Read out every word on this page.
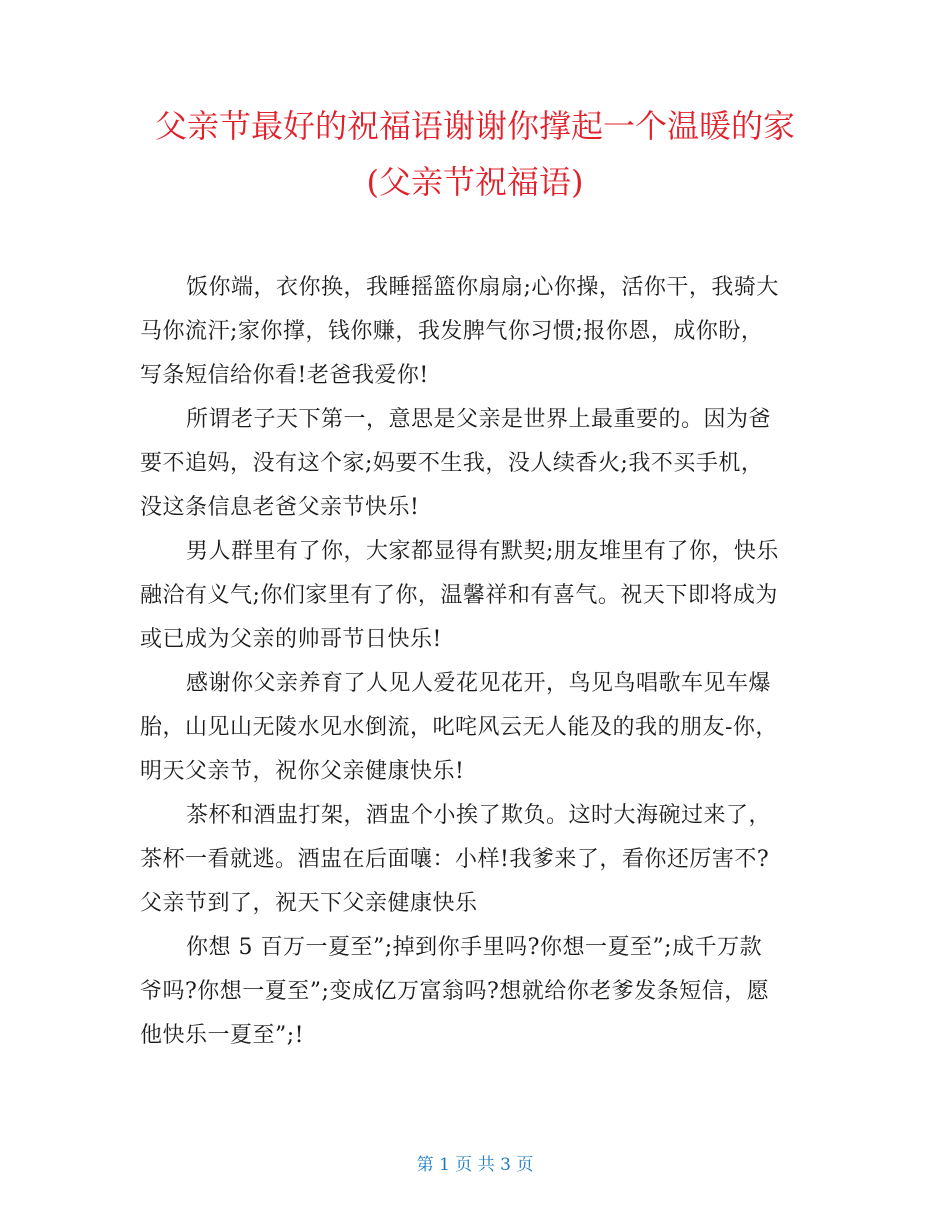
父亲节最好的祝福语谢谢你撑起一个温暖的家
(父亲节祝福语)

饭你端，衣你换，我睡摇篮你扇扇;心你操，活你干，我骑大
马你流汗;家你撑，钱你赚，我发脾气你习惯;报你恩，成你盼，
写条短信给你看!老爸我爱你!

所谓老子天下第一，意思是父亲是世界上最重要的。因为爸
要不追妈，没有这个家;妈要不生我，没人续香火;我不买手机，
没这条信息老爸父亲节快乐!

男人群里有了你，大家都显得有默契;朋友堆里有了你，快乐
融洽有义气;你们家里有了你，温馨祥和有喜气。祝天下即将成为
或已成为父亲的帅哥节日快乐!

感谢你父亲养育了人见人爱花见花开，鸟见鸟唱歌车见车爆
胎，山见山无陵水见水倒流，叱咤风云无人能及的我的朋友-你，
明天父亲节，祝你父亲健康快乐!

茶杯和酒盅打架，酒盅个小挨了欺负。这时大海碗过来了，
茶杯一看就逃。酒盅在后面嚷：小样!我爹来了，看你还厉害不?
父亲节到了，祝天下父亲健康快乐

你想 5 百万一夏至”;掉到你手里吗?你想一夏至”;成千万款
爷吗?你想一夏至”;变成亿万富翁吗?想就给你老爹发条短信，愿
他快乐一夏至”;!

第 1 页 共 3 页
